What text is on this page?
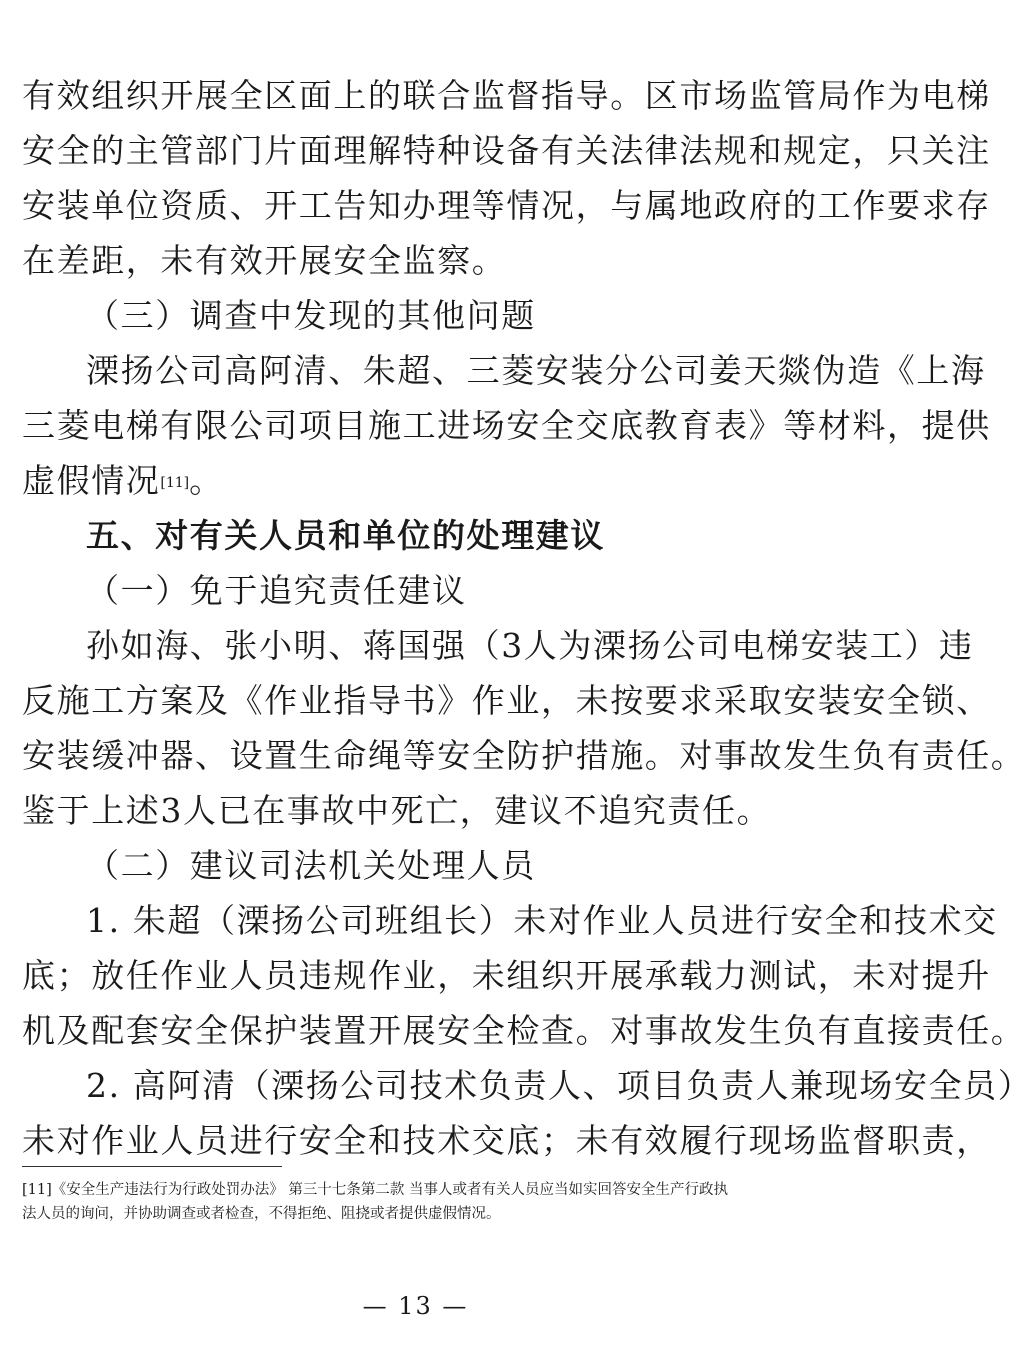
有效组织开展全区面上的联合监督指导。区市场监管局作为电梯
安全的主管部门片面理解特种设备有关法律法规和规定，只关注
安装单位资质、开工告知办理等情况，与属地政府的工作要求存
在差距，未有效开展安全监察。
（三）调查中发现的其他问题
溧扬公司高阿清、朱超、三菱安装分公司姜天燚伪造《上海
三菱电梯有限公司项目施工进场安全交底教育表》等材料，提供
虚假情况[11]。
五、对有关人员和单位的处理建议
（一）免于追究责任建议
孙如海、张小明、蒋国强（3人为溧扬公司电梯安装工）违
反施工方案及《作业指导书》作业，未按要求采取安装安全锁、
安装缓冲器、设置生命绳等安全防护措施。对事故发生负有责任。
鉴于上述3人已在事故中死亡，建议不追究责任。
（二）建议司法机关处理人员
1. 朱超（溧扬公司班组长）未对作业人员进行安全和技术交
底；放任作业人员违规作业，未组织开展承载力测试，未对提升
机及配套安全保护装置开展安全检查。对事故发生负有直接责任。
2. 高阿清（溧扬公司技术负责人、项目负责人兼现场安全员）
未对作业人员进行安全和技术交底；未有效履行现场监督职责，
[11]《安全生产违法行为行政处罚办法》 第三十七条第二款 当事人或者有关人员应当如实回答安全生产行政执
法人员的询问，并协助调查或者检查，不得拒绝、阻挠或者提供虚假情况。
— 13 —
